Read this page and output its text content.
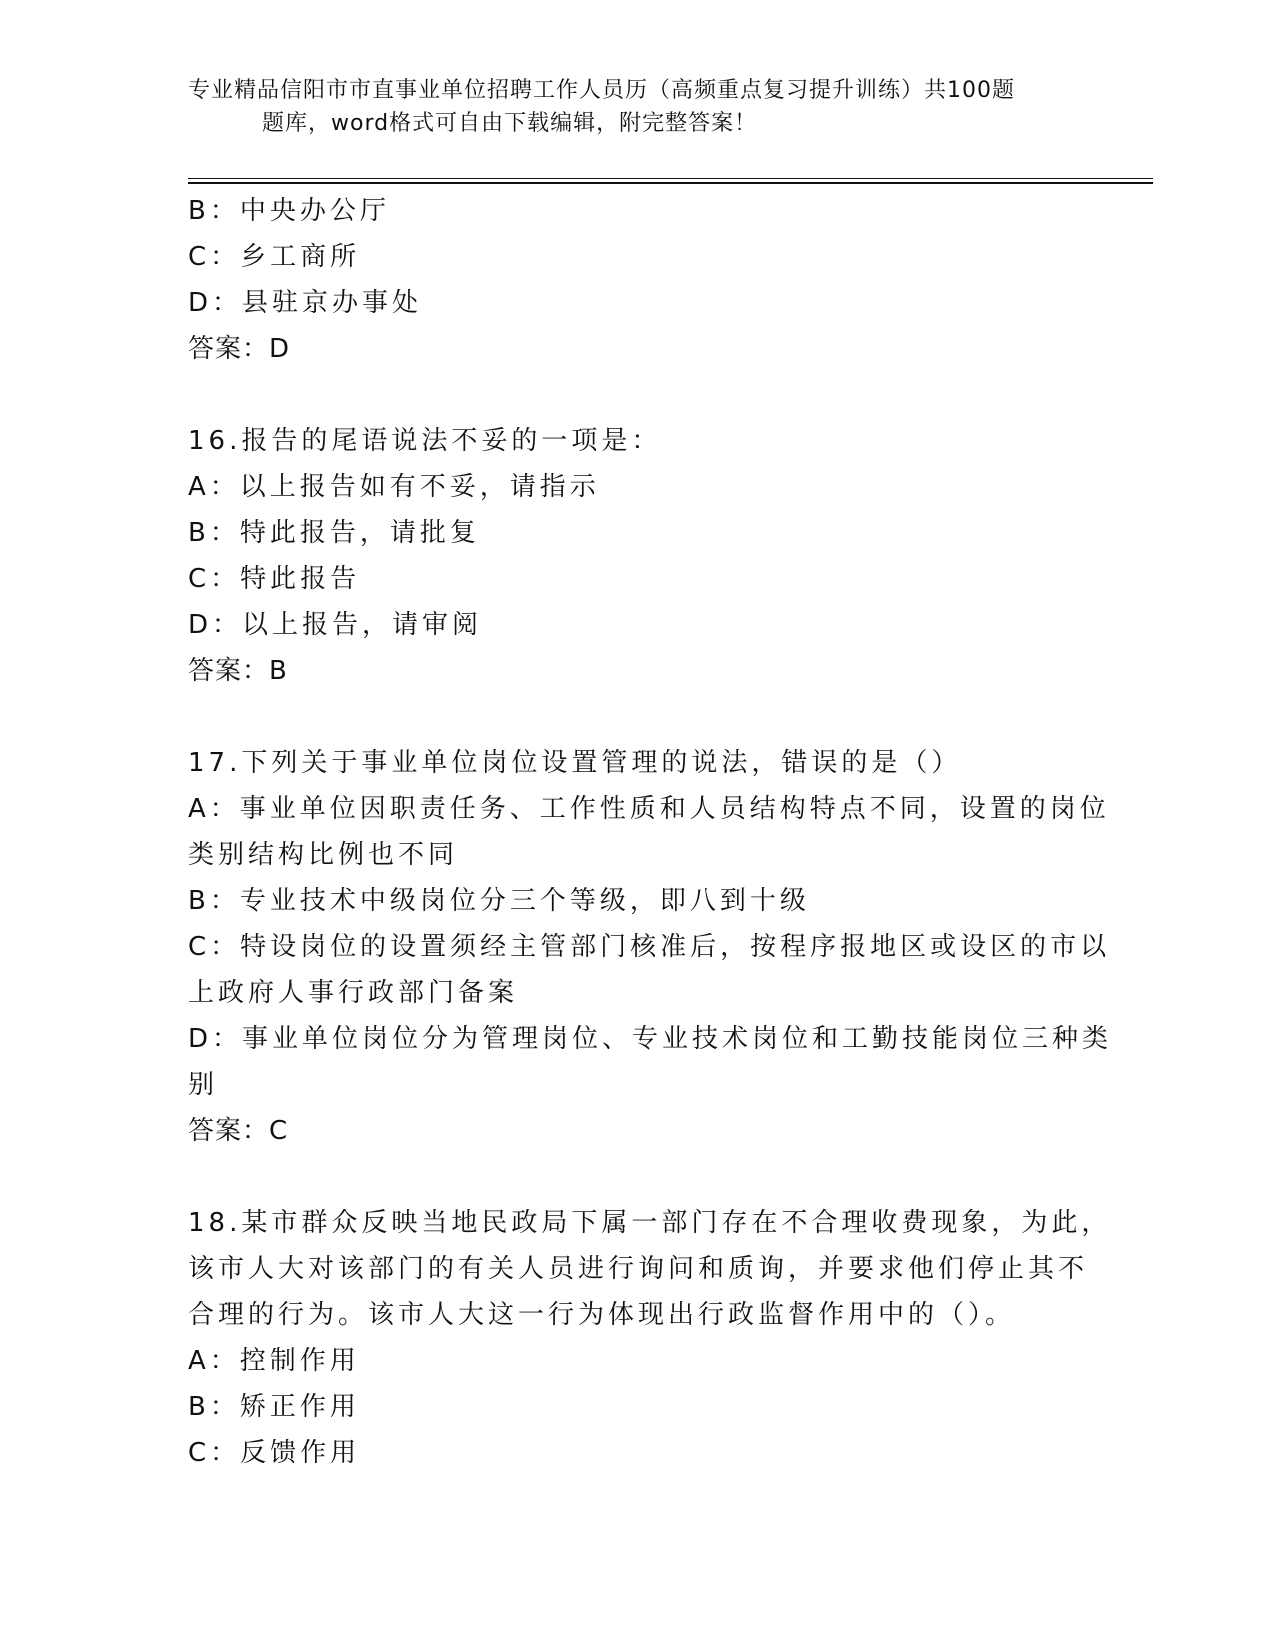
专业精品信阳市市直事业单位招聘工作人员历（高频重点复习提升训练）共100题
题库，word格式可自由下载编辑，附完整答案！
B：中央办公厅
C：乡工商所
D：县驻京办事处
答案：D
16.报告的尾语说法不妥的一项是：
A：以上报告如有不妥，请指示
B：特此报告，请批复
C：特此报告
D：以上报告，请审阅
答案：B
17.下列关于事业单位岗位设置管理的说法，错误的是（）
A：事业单位因职责任务、工作性质和人员结构特点不同，设置的岗位
类别结构比例也不同
B：专业技术中级岗位分三个等级，即八到十级
C：特设岗位的设置须经主管部门核准后，按程序报地区或设区的市以
上政府人事行政部门备案
D：事业单位岗位分为管理岗位、专业技术岗位和工勤技能岗位三种类
别
答案：C
18.某市群众反映当地民政局下属一部门存在不合理收费现象，为此，
该市人大对该部门的有关人员进行询问和质询，并要求他们停止其不
合理的行为。该市人大这一行为体现出行政监督作用中的（）。
A：控制作用
B：矫正作用
C：反馈作用
